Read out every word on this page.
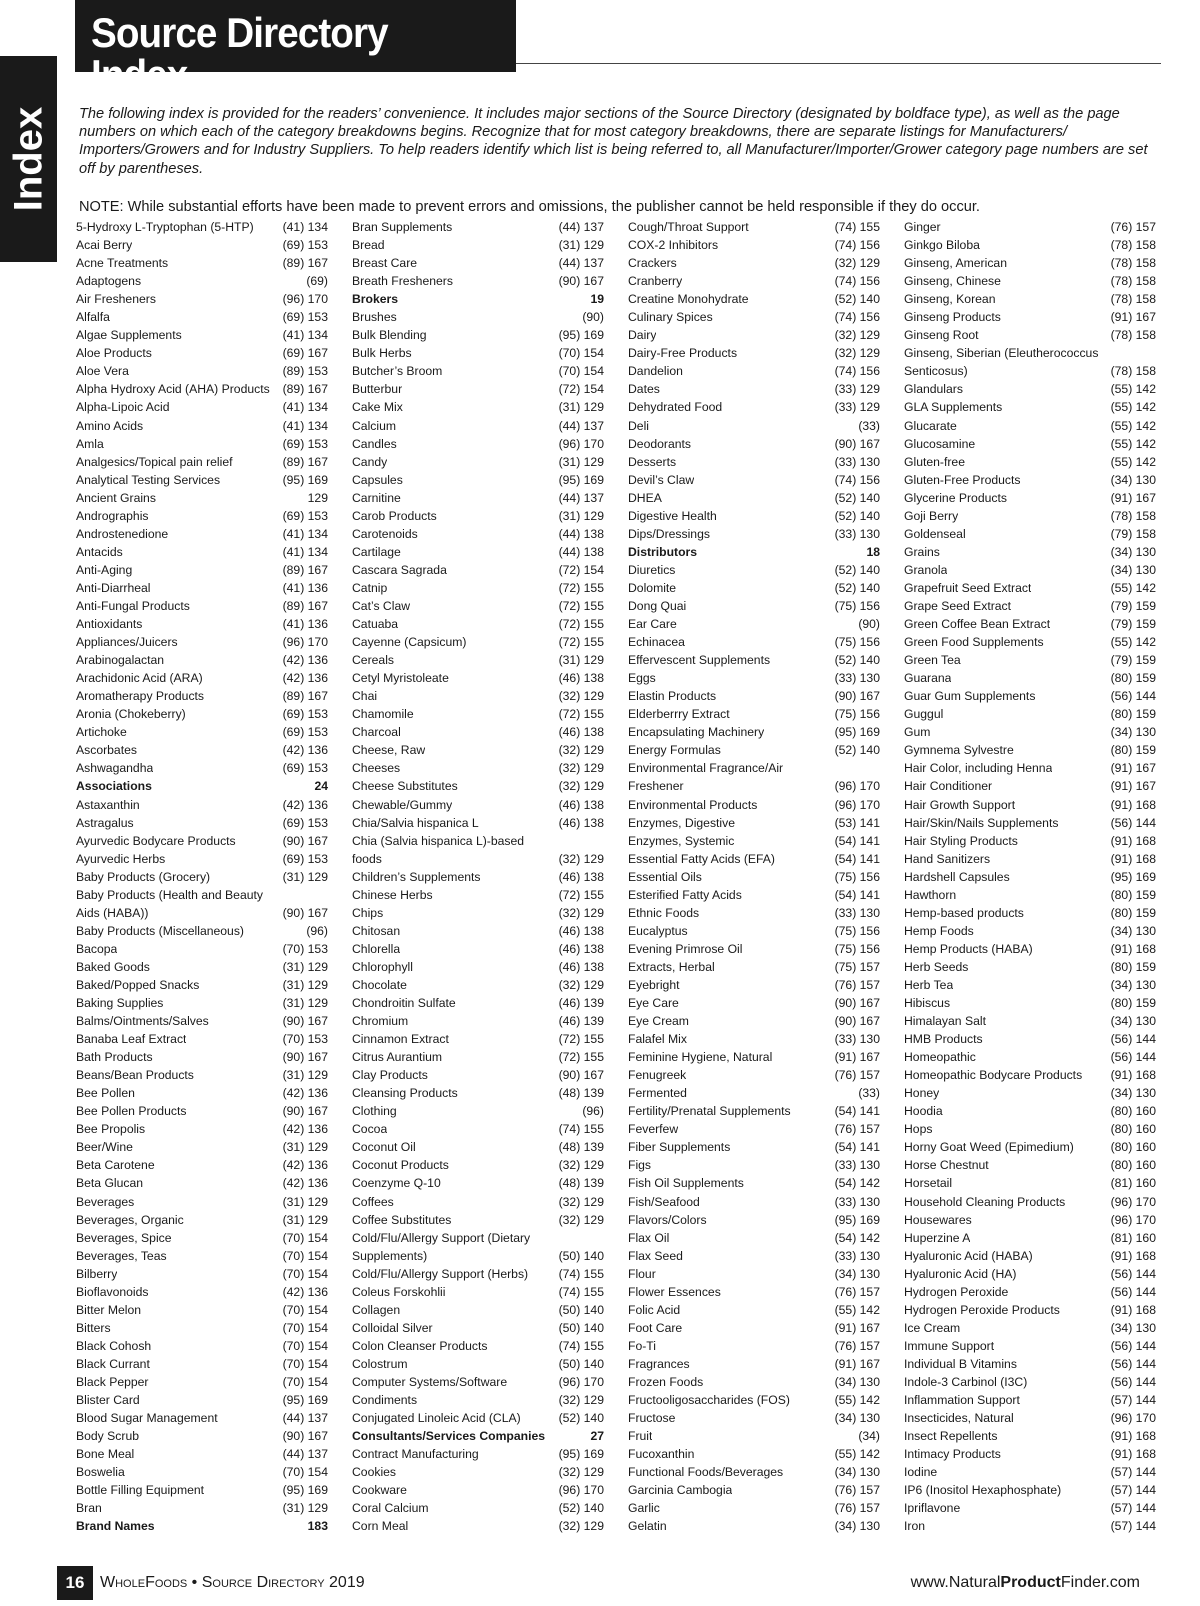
Source Directory Index
Index The following index is provided for the readers’ convenience. It includes major sections of the Source Directory (designated by boldface type), as well as the page numbers on which each of the category breakdowns begins. Recognize that for most category breakdowns, there are separate listings for Manufacturers/ Importers/Growers and for Industry Suppliers. To help readers identify which list is being referred to, all Manufacturer/Importer/Grower category page numbers are set off by parentheses.

NOTE: While substantial efforts have been made to prevent errors and omissions, the publisher cannot be held responsible if they do occur.

5-Hydroxy L-Tryptophan (5-HTP)	(41) 134
Acai Berry	(69) 153
Acne Treatments	(89) 167
Adaptogens	(69)
Air Fresheners	(96) 170
Alfalfa	(69) 153
Algae Supplements	(41) 134
Aloe Products	(69) 167
Aloe Vera	(89) 153
Alpha Hydroxy Acid (AHA) Products	(89) 167
Alpha-Lipoic Acid	(41) 134
Amino Acids	(41) 134
Amla	(69) 153
Analgesics/Topical pain relief	(89) 167
Analytical Testing Services	(95) 169
Ancient Grains	129
Andrographis	(69) 153
Androstenedione	(41) 134
Antacids	(41) 134
Anti-Aging	(89) 167
Anti-Diarrheal	(41) 136
Anti-Fungal Products	(89) 167
Antioxidants	(41) 136
Appliances/Juicers	(96) 170
Arabinogalactan	(42) 136
Arachidonic Acid (ARA)	(42) 136
Aromatherapy Products	(89) 167
Aronia (Chokeberry)	(69) 153
Artichoke	(69) 153
Ascorbates	(42) 136
Ashwagandha	(69) 153
Associations	24
Astaxanthin	(42) 136
Astragalus	(69) 153
Ayurvedic Bodycare Products	(90) 167
Ayurvedic Herbs	(69) 153
Baby Products (Grocery)	(31) 129
Baby Products (Health and Beauty
Aids (HABA))	(90) 167
Baby Products (Miscellaneous)	(96)
Bacopa	(70) 153
Baked Goods	(31) 129
Baked/Popped Snacks	(31) 129
Baking Supplies	(31) 129
Balms/Ointments/Salves	(90) 167
Banaba Leaf Extract	(70) 153
Bath Products	(90) 167
Beans/Bean Products	(31) 129
Bee Pollen	(42) 136
Bee Pollen Products	(90) 167
Bee Propolis	(42) 136
Beer/Wine	(31) 129
Beta Carotene	(42) 136
Beta Glucan	(42) 136
Beverages	(31) 129
Beverages, Organic	(31) 129
Beverages, Spice	(70) 154
Beverages, Teas	(70) 154
Bilberry	(70) 154
Bioflavonoids	(42) 136
Bitter Melon	(70) 154
Bitters	(70) 154
Black Cohosh	(70) 154
Black Currant	(70) 154
Black Pepper	(70) 154
Blister Card	(95) 169
Blood Sugar Management	(44) 137
Body Scrub	(90) 167
Bone Meal	(44) 137
Boswelia	(70) 154
Bottle Filling Equipment	(95) 169
Bran	(31) 129
Brand Names	183
Bran Supplements	(44) 137
Bread	(31) 129
Breast Care	(44) 137
Breath Fresheners	(90) 167
Brokers	19
Brushes	(90)
Bulk Blending	(95) 169
Bulk Herbs	(70) 154
Butcher’s Broom	(70) 154
Butterbur	(72) 154
Cake Mix	(31) 129
Calcium	(44) 137
Candles	(96) 170
Candy	(31) 129
Capsules	(95) 169
Carnitine	(44) 137
Carob Products	(31) 129
Carotenoids	(44) 138
Cartilage	(44) 138
Cascara Sagrada	(72) 154
Catnip	(72) 155
Cat’s Claw	(72) 155
Catuaba	(72) 155
Cayenne (Capsicum)	(72) 155
Cereals	(31) 129
Cetyl Myristoleate	(46) 138
Chai	(32) 129
Chamomile	(72) 155
Charcoal	(46) 138
Cheese, Raw	(32) 129
Cheeses	(32) 129
Cheese Substitutes	(32) 129
Chewable/Gummy	(46) 138
Chia/Salvia hispanica L	(46) 138
Chia (Salvia hispanica L)-based
foods	(32) 129
Children’s Supplements	(46) 138
Chinese Herbs	(72) 155
Chips	(32) 129
Chitosan	(46) 138
Chlorella	(46) 138
Chlorophyll	(46) 138
Chocolate	(32) 129
Chondroitin Sulfate	(46) 139
Chromium	(46) 139
Cinnamon Extract	(72) 155
Citrus Aurantium	(72) 155
Clay Products	(90) 167
Cleansing Products	(48) 139
Clothing	(96)
Cocoa	(74) 155
Coconut Oil	(48) 139
Coconut Products	(32) 129
Coenzyme Q-10	(48) 139
Coffees	(32) 129
Coffee Substitutes	(32) 129
Cold/Flu/Allergy Support (Dietary
Supplements)	(50) 140
Cold/Flu/Allergy Support (Herbs)	(74) 155
Coleus Forskohlii	(74) 155
Collagen	(50) 140
Colloidal Silver	(50) 140
Colon Cleanser Products	(74) 155
Colostrum	(50) 140
Computer Systems/Software	(96) 170
Condiments	(32) 129
Conjugated Linoleic Acid (CLA)	(52) 140
Consultants/Services Companies	27
Contract Manufacturing	(95) 169
Cookies	(32) 129
Cookware	(96) 170
Coral Calcium	(52) 140
Corn Meal	(32) 129
Cough/Throat Support	(74) 155
COX-2 Inhibitors	(74) 156
Crackers	(32) 129
Cranberry	(74) 156
Creatine Monohydrate	(52) 140
Culinary Spices	(74) 156
Dairy	(32) 129
Dairy-Free Products	(32) 129
Dandelion	(74) 156
Dates	(33) 129
Dehydrated Food	(33) 129
Deli	(33)
Deodorants	(90) 167
Desserts	(33) 130
Devil’s Claw	(74) 156
DHEA	(52) 140
Digestive Health	(52) 140
Dips/Dressings	(33) 130
Distributors	18
Diuretics	(52) 140
Dolomite	(52) 140
Dong Quai	(75) 156
Ear Care	(90)
Echinacea	(75) 156
Effervescent Supplements	(52) 140
Eggs	(33) 130
Elastin Products	(90) 167
Elderberrry Extract	(75) 156
Encapsulating Machinery	(95) 169
Energy Formulas	(52) 140
Environmental Fragrance/Air
Freshener	(96) 170
Environmental Products	(96) 170
Enzymes, Digestive	(53) 141
Enzymes, Systemic	(54) 141
Essential Fatty Acids (EFA)	(54) 141
Essential Oils	(75) 156
Esterified Fatty Acids	(54) 141
Ethnic Foods	(33) 130
Eucalyptus	(75) 156
Evening Primrose Oil	(75) 156
Extracts, Herbal	(75) 157
Eyebright	(76) 157
Eye Care	(90) 167
Eye Cream	(90) 167
Falafel Mix	(33) 130
Feminine Hygiene, Natural	(91) 167
Fenugreek	(76) 157
Fermented	(33)
Fertility/Prenatal Supplements	(54) 141
Feverfew	(76) 157
Fiber Supplements	(54) 141
Figs	(33) 130
Fish Oil Supplements	(54) 142
Fish/Seafood	(33) 130
Flavors/Colors	(95) 169
Flax Oil	(54) 142
Flax Seed	(33) 130
Flour	(34) 130
Flower Essences	(76) 157
Folic Acid	(55) 142
Foot Care	(91) 167
Fo-Ti	(76) 157
Fragrances	(91) 167
Frozen Foods	(34) 130
Fructooligosaccharides (FOS)	(55) 142
Fructose	(34) 130
Fruit	(34)
Fucoxanthin	(55) 142
Functional Foods/Beverages	(34) 130
Garcinia Cambogia	(76) 157
Garlic	(76) 157
Gelatin	(34) 130
Ginger	(76) 157
Ginkgo Biloba	(78) 158
Ginseng, American	(78) 158
Ginseng, Chinese	(78) 158
Ginseng, Korean	(78) 158
Ginseng Products	(91) 167
Ginseng Root	(78) 158
Ginseng, Siberian (Eleutherococcus
Senticosus)	(78) 158
Glandulars	(55) 142
GLA Supplements	(55) 142
Glucarate	(55) 142
Glucosamine	(55) 142
Gluten-free	(55) 142
Gluten-Free Products	(34) 130
Glycerine Products	(91) 167
Goji Berry	(78) 158
Goldenseal	(79) 158
Grains	(34) 130
Granola	(34) 130
Grapefruit Seed Extract	(55) 142
Grape Seed Extract	(79) 159
Green Coffee Bean Extract	(79) 159
Green Food Supplements	(55) 142
Green Tea	(79) 159
Guarana	(80) 159
Guar Gum Supplements	(56) 144
Guggul	(80) 159
Gum	(34) 130
Gymnema Sylvestre	(80) 159
Hair Color, including Henna	(91) 167
Hair Conditioner	(91) 167
Hair Growth Support	(91) 168
Hair/Skin/Nails Supplements	(56) 144
Hair Styling Products	(91) 168
Hand Sanitizers	(91) 168
Hardshell Capsules	(95) 169
Hawthorn	(80) 159
Hemp-based products	(80) 159
Hemp Foods	(34) 130
Hemp Products (HABA)	(91) 168
Herb Seeds	(80) 159
Herb Tea	(34) 130
Hibiscus	(80) 159
Himalayan Salt	(34) 130
HMB Products	(56) 144
Homeopathic	(56) 144
Homeopathic Bodycare Products	(91) 168
Honey	(34) 130
Hoodia	(80) 160
Hops	(80) 160
Horny Goat Weed (Epimedium)	(80) 160
Horse Chestnut	(80) 160
Horsetail	(81) 160
Household Cleaning Products	(96) 170
Housewares	(96) 170
Huperzine A	(81) 160
Hyaluronic Acid (HABA)	(91) 168
Hyaluronic Acid (HA)	(56) 144
Hydrogen Peroxide	(56) 144
Hydrogen Peroxide Products	(91) 168
Ice Cream	(34) 130
Immune Support	(56) 144
Individual B Vitamins	(56) 144
Indole-3 Carbinol (I3C)	(56) 144
Inflammation Support	(57) 144
Insecticides, Natural	(96) 170
Insect Repellents	(91) 168
Intimacy Products	(91) 168
Iodine	(57) 144
IP6 (Inositol Hexaphosphate)	(57) 144
Ipriflavone	(57) 144
Iron	(57) 144
16 WholeFoods • Source Directory 2019	www.NaturalProductFinder.com
